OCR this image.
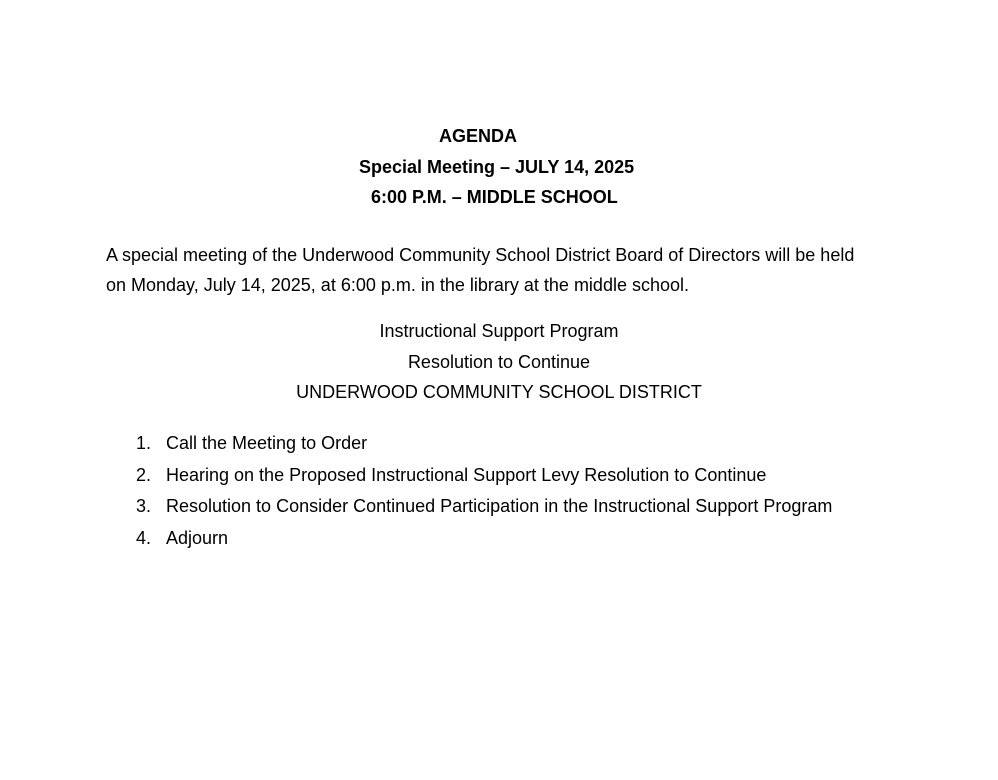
AGENDA
Special Meeting – JULY 14, 2025
6:00 P.M. – MIDDLE SCHOOL
A special meeting of the Underwood Community School District Board of Directors will be held
on Monday, July 14, 2025, at 6:00 p.m. in the library at the middle school.
Instructional Support Program
Resolution to Continue
UNDERWOOD COMMUNITY SCHOOL DISTRICT
1. Call the Meeting to Order
2. Hearing on the Proposed Instructional Support Levy Resolution to Continue
3. Resolution to Consider Continued Participation in the Instructional Support Program
4. Adjourn
